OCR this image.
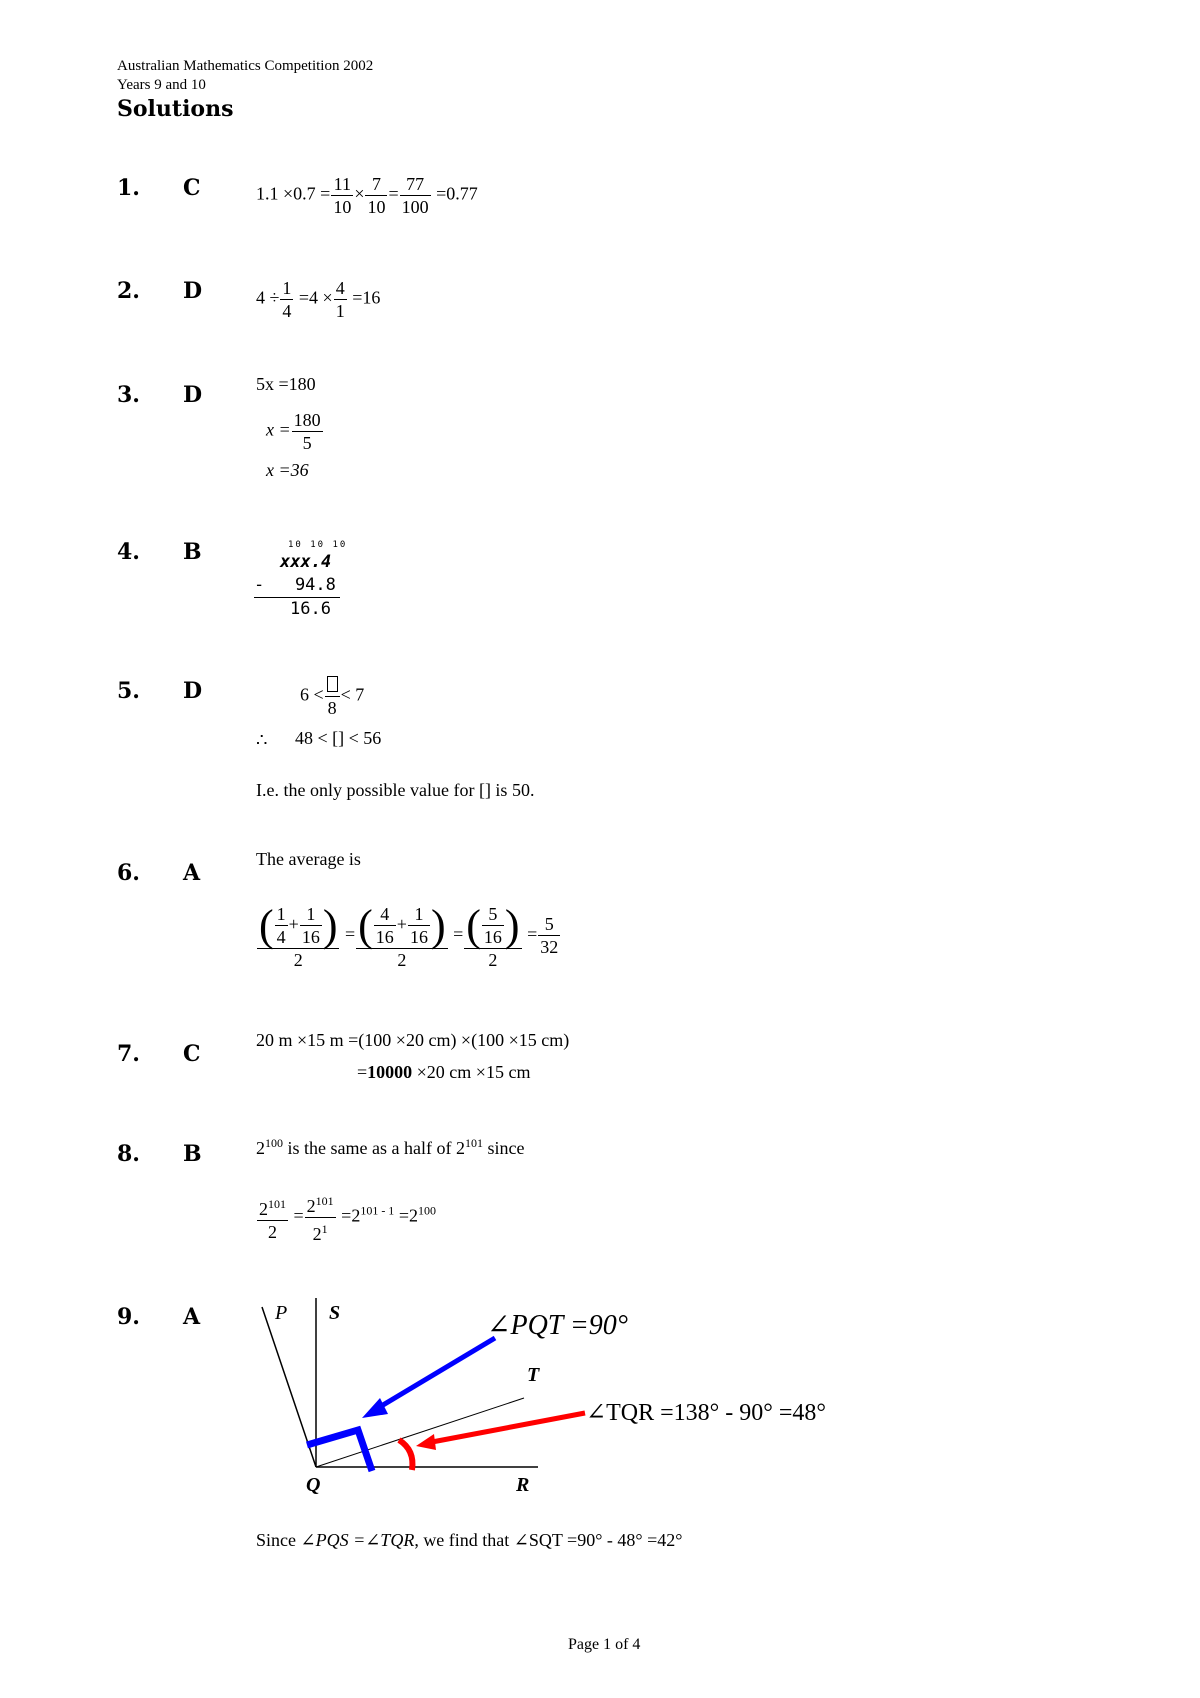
Australian Mathematics Competition 2002
Years 9 and 10
Solutions
1. C
2. D
3. D
4. B
5. D
6. A
7. C
8. B
9. A
$1.1 \times 0.7 = \frac{11}{10} \times \frac{7}{10} = \frac{77}{100} =0.77$
$4 \div \frac{1}{4} =4 \times \frac{4}{1} =16$
5x =180
$x = \frac{180}{5}$
x =36
10 10 10
xxx.4
-   94.8
16.6
6 <
8
< 7
∴ 48 < [] < 56
I.e. the only possible value for [] is 50.
The average is
$\frac{( \frac{1}{4} + \frac{1}{16} )}{2} = \frac{( \frac{4}{16} + \frac{1}{16} )}{2} = \frac{( \frac{5}{16} )}{2} = \frac{5}{32}$
20 m ×15 m =(100 ×20 cm) ×(100 ×15 cm)
=10000 ×20 cm ×15 cm
$2^{100}$ is the same as a half of $2^{101}$ since
$\frac{2^{101}}{2} = \frac{2^{101}}{2^1} =2^{101 - 1} =2^{100}$
P S
T
Q	R
∠PQT =90°
∠TQR =138° - 90° =48°
Since ∠PQS =∠TQR, we find that ∠SQT =90° - 48° =42°
Page 1 of 4
